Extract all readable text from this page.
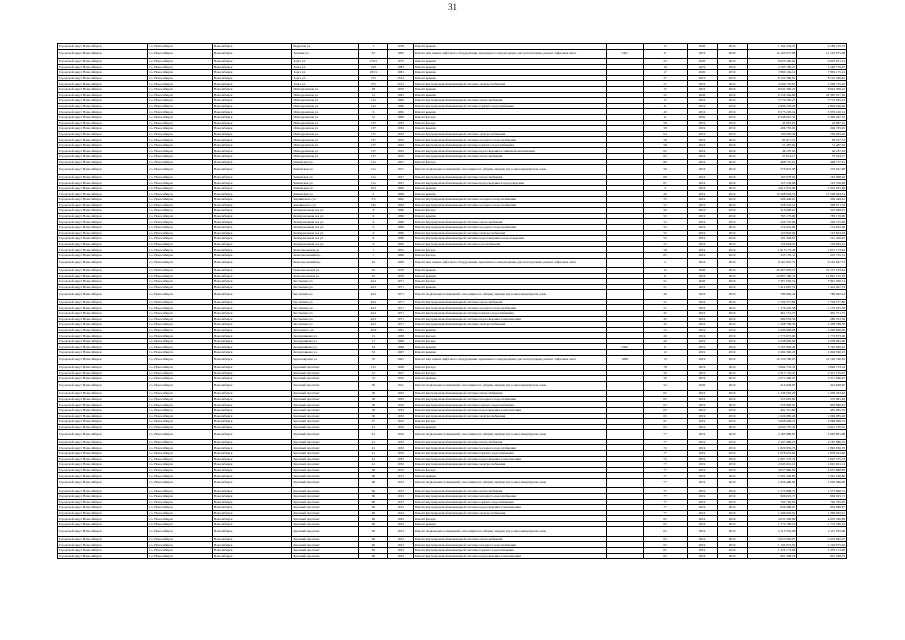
31
Городской округ Новосибирск	г.о. Новосибирск	Новосибирск	Бердская ул.	1	1978	Ремонт крыши		15	2020	2019	1 192 254,35	4 186 219,53
Городской округ Новосибирск	г.о. Новосибирск	Новосибирск	Зелёная ул.	3/1	1965	Ремонт или замена лифтового оборудования, признанного непригодным для эксплуатации, ремонт лифтовых шахт	1391	8	2019	2020	12 103 075,98	12 103 075,98
Городской округ Новосибирск	г.о. Новосибирск	Новосибирск	Зорге ул.	179/1	1975	Ремонт крыши		23	2020	2019	8 925 200,62	9 925 051,14
Городской округ Новосибирск	г.о. Новосибирск	Новосибирск	Зорге ул.	195	1983	Ремонт крыши		16	2019	2019	2 195 700,27	5 196 779,67
Городской округ Новосибирск	г.о. Новосибирск	Новосибирск	Зорге ул.	183/1	1981	Ремонт крыши		17	2020	2019	7 860 164,14	7 865 175,14
Городской округ Новосибирск	г.о. Новосибирск	Новосибирск	Зорге ул.	275	2014	Ремонт крыши		27	2019	2019	8 122 306,81	8 122 306,81
Городской округ Новосибирск	г.о. Новосибирск	Новосибирск	Зорге ул.	275	2014	Ремонт внутридомовой инженерной системы электроснабжения		27	2019	2019	4 506 735,63	4 506 735,63
Городской округ Новосибирск	г.о. Новосибирск	Новосибирск	Ипподромская ул.	28	1970	Ремонт крыши		15	2019	2019	8 942 309,22	8 942 309,22
Городской округ Новосибирск	г.о. Новосибирск	Новосибирск	Ипподромская ул.	31	1981	Ремонт крыши		22	2020	2019	8 156 364,80	24 385 917,50
Городской округ Новосибирск	г.о. Новосибирск	Новосибирск	Ипподромская ул.	13а	1996	Ремонт внутридомовой инженерной системы теплоснабжения		15	2019	2019	3 774 565,23	3 774 565,23
Городской округ Новосибирск	г.о. Новосибирск	Новосибирск	Ипподромская ул.	14а	1966	Ремонт внутридомовой инженерной системы горячего водоснабжения		11	2019	2019	2 804 504,20	2 804 166,20
Городской округ Новосибирск	г.о. Новосибирск	Новосибирск	Ипподромская ул.	6	1965	Ремонт крыши		45	2019	2019	8 375 220,14	3 376 210,14
Городской округ Новосибирск	г.о. Новосибирск	Новосибирск	Ипподромская ул.	15	1966	Ремонт фасада		11	2020	2019	6 548 967,52	5 369 267,52
Городской округ Новосибирск	г.о. Новосибирск	Новосибирск	Ипподромская ул.	137	1932	Ремонт фасада		58	2019	2019	42 687,91	42 687,91
Городской округ Новосибирск	г.о. Новосибирск	Новосибирск	Ипподромская ул.	137	1932	Ремонт крыши		58	2019	2019	206 795,05	206 795,05
Городской округ Новосибирск	г.о. Новосибирск	Новосибирск	Ипподромская ул.	137	1932	Ремонт внутридомовой инженерной системы электроснабжения		64	2019	2019	100 003,49	100 003,49
Городской округ Новосибирск	г.о. Новосибирск	Новосибирск	Ипподромская ул.	137	1932	Ремонт внутридомовой инженерной системы холодного водоснабжения		58	2019	2019	83 417,31	83 417,31
Городской округ Новосибирск	г.о. Новосибирск	Новосибирск	Ипподромская ул.	137	1932	Ремонт внутридомовой инженерной системы горячего водоснабжения		58	2019	2019	51 487,62	51 487,62
Городской округ Новосибирск	г.о. Новосибирск	Новосибирск	Ипподромская ул.	137	1932	Ремонт внутридомовой инженерной системы водоотведения и ливневой канализации		65	2019	2019	46 187,63	46 187,63
Городской округ Новосибирск	г.о. Новосибирск	Новосибирск	Ипподромская ул.	137	1932	Ремонт внутридомовой инженерной системы теплоснабжения		62	2019	2019	37 914,17	37 914,17
Городской округ Новосибирск	г.о. Новосибирск	Новосибирск	Каменская ул.	15а	1927	Ремонт фасада		89	2019	2019	468 737,61	468 737,61
Городской округ Новосибирск	г.о. Новосибирск	Новосибирск	Каменская ул.	15а	1927	Ремонт подвальных помещений, относящихся к общему имуществу в многоквартирном доме		56	2019	2019	276 647,68	276 647,68
Городской округ Новосибирск	г.о. Новосибирск	Новосибирск	Каменская ул.	15а	1927	Ремонт внутридомовой инженерной системы теплоснабжения		69	2019	2019	163 078,02	163 098,02
Городской округ Новосибирск	г.о. Новосибирск	Новосибирск	Каменская ул.	15а	1927	Ремонт внутридомовой инженерной системы водоотведения и водоотведения		67	2019	2019	125 556,98	125 556,98
Городской округ Новосибирск	г.о. Новосибирск	Новосибирск	Каменская ул.	19/1	1960	Ремонт крыши		3	2019	2019	4 912 055,66	4 502 055,66
Городской округ Новосибирск	г.о. Новосибирск	Новосибирск	Каменская ул.	2	1966	Ремонт крыши		26	2019	2019	13 598 064,52	13 598 064,52
Городской округ Новосибирск	г.о. Новосибирск	Новосибирск	Карпинского ул.	5/5	1962	Ремонт внутридомовой инженерной системы холодного водоснабжения		55	2019	2019	209 449,61	209 449,61
Городской округ Новосибирск	г.о. Новосибирск	Новосибирск	Карпинского ул.	18а	1964	Ремонт внутридомовой инженерной системы холодного водоснабжения		55	2019	2019	328 332,10	398 671,32
Городской округ Новосибирск	г.о. Новосибирск	Новосибирск	Коммунальная 4-я ул.	9	1960	Ремонт фасада		56	2019	2019	316 908,01	316 908,01
Городской округ Новосибирск	г.о. Новосибирск	Новосибирск	Коммунальная 4-я ул.	9	1960	Ремонт крыши		55	2019	2019	785 170,00	785 170,00
Городской округ Новосибирск	г.о. Новосибирск	Новосибирск	Коммунальная 4-я ул.	9	1960	Ремонт внутридомовой инженерной системы теплоснабжения		55	2019	2019	229 725,90	229 725,90
Городской округ Новосибирск	г.о. Новосибирск	Новосибирск	Коммунальная 4-я ул.	9	1960	Ремонт внутридомовой инженерной системы холодного водоснабжения		55	2019	2019	174 852,00	174 852,00
Городской округ Новосибирск	г.о. Новосибирск	Новосибирск	Коммунальная 4-я ул.	9	1960	Ремонт внутридомовой инженерной системы электроснабжения		55	2019	2019	123 843,04	123 843,04
Городской округ Новосибирск	г.о. Новосибирск	Новосибирск	Коммунальная 4-я ул.	9	1960	Ремонт внутридомовой инженерной системы водоотведения и водоотведения		55	2019	2019	101 326,67	101 326,67
Городской округ Новосибирск	г.о. Новосибирск	Новосибирск	Коммунальная 4-я ул.	9	1960	Ремонт внутридомовой инженерной системы газоснабжения		55	2019	2019	129 664,22	129 664,22
Городской округ Новосибирск	г.о. Новосибирск	Новосибирск	Комсомольская ул.	7	1955	Ремонт фасада		58	2019	2019	1 915 173,49	1 915 173,49
Городской округ Новосибирск	г.о. Новосибирск	Новосибирск	Комсомольский пр.	7	1966	Ремонт фасада		65	2019	2019	235 735,31	235 735,31
Городской округ Новосибирск	г.о. Новосибирск	Новосибирск	Комсомольский пр.	24	1969	Ремонт или замена лифтового оборудования, признанного непригодным для эксплуатации, ремонт лифтовых шахт		2	2019	2019	9 161 947,72	9 161 947,72
Городской округ Новосибирск	г.о. Новосибирск	Новосибирск	Комсомольская ул.	25	1970	Ремонт крыши		12	2020	2019	20 497 093,10	21 557 163,94
Городской округ Новосибирск	г.о. Новосибирск	Новосибирск	Комсомольская ул.	25	1970	Ремонт крыши		8	2019	2019	14 897 160,74	14 861 155,70
Городской округ Новосибирск	г.о. Новосибирск	Новосибирск	Костычева ул.	44/1	1971	Ремонт фасада		51	2020	2019	7 301 050,51	7 901 030,51
Городской округ Новосибирск	г.о. Новосибирск	Новосибирск	Костычева ул.	44/1	1971	Ремонт крыши		51	2019	2019	7 414 097,74	7 414 097,74
Городской округ Новосибирск	г.о. Новосибирск	Новосибирск	Костычева ул.	44/1	1971	Ремонт подвальных помещений, относящихся к общему имуществу в многоквартирном доме		40	2019	2019	780 962,24	780 962,24
Городской округ Новосибирск	г.о. Новосибирск	Новосибирск	Костычева ул.	44/1	1971	Ремонт внутридомовой инженерной системы теплоснабжения		51	2019	2019	1 704 577,80	1 704 577,80
Городской округ Новосибирск	г.о. Новосибирск	Новосибирск	Костычева ул.	44/1	1971	Ремонт внутридомовой инженерной системы холодного водоснабжения		51	2019	2019	1 179 225,58	1 179 225,58
Городской округ Новосибирск	г.о. Новосибирск	Новосибирск	Костычева ул.	44/1	1971	Ремонт внутридомовой инженерной системы горячего водоснабжения		45	2019	2019	461 751,75	461 751,75
Городской округ Новосибирск	г.о. Новосибирск	Новосибирск	Костычева ул.	44/1	1971	Ремонт внутридомовой инженерной системы водоотведения и канализации		45	2019	2019	289 553,56	289 553,56
Городской округ Новосибирск	г.о. Новосибирск	Новосибирск	Костычева ул.	44/1	1971	Ремонт внутридомовой инженерной системы электроснабжения		45	2019	2019	1 208 788,30	1 208 788,30
Городской округ Новосибирск	г.о. Новосибирск	Новосибирск	Котовского ул.	20/4	1961	Ремонт крыши		55	2019	2019	3 290 996,08	3 290 996,08
Городской округ Новосибирск	г.о. Новосибирск	Новосибирск	Кошурникова ул.	15	1968	Ремонт фасада		26	2019	2019	1 773 973,00	1 773 973,00
Городской округ Новосибирск	г.о. Новосибирск	Новосибирск	Кошурникова ул.	17	1968	Ремонт фасада		26	2019	2019	3 238 962,00	3 238 962,00
Городской округ Новосибирск	г.о. Новосибирск	Новосибирск	Кошурникова ул.	54	1968	Ремонт крыши	2582	8	2019	2019	5 765 826,42	5 765 826,42
Городской округ Новосибирск	г.о. Новосибирск	Новосибирск	Кошурникова ул.	53	1967	Ремонт крыши		12	2019	2019	2 494 560,23	2 494 560,23
Городской округ Новосибирск	г.о. Новосибирск	Новосибирск	Красноярская ул.	35	1961	Ремонт или замена лифтового оборудования, признанного непригодным для эксплуатации, ремонт лифтовых шахт	1008	13	2019	2019	10 120 790,65	10 120 790,65
Городской округ Новосибирск	г.о. Новосибирск	Новосибирск	Красный проспект	125	1948	Ремонт фасада		78	2019	2019	3 864 733,32	3 864 733,32
Городской округ Новосибирск	г.о. Новосибирск	Новосибирск	Красный проспект	31	1927	Ремонт фасада		56	2019	2019	2 317 135,47	2 317 135,47
Городской округ Новосибирск	г.о. Новосибирск	Новосибирск	Красный проспект	31	1935	Ремонт крыши		56	2019	2019	2 271 466,07	2 271 466,07
Городской округ Новосибирск	г.о. Новосибирск	Новосибирск	Красный проспект	36	1911	Ремонт подвальных помещений, относящихся к общему имуществу в многоквартирном доме		52	2020	2019	414 628,65	414 628,65
Городской округ Новосибирск	г.о. Новосибирск	Новосибирск	Красный проспект	36	1932	Ремонт внутридомовой инженерной системы теплоснабжения		65	2019	2019	1 239 505,20	1 239 343,62
Городской округ Новосибирск	г.о. Новосибирск	Новосибирск	Красный проспект	36	1932	Ремонт внутридомовой инженерной системы холодного водоснабжения		65	2019	2019	555 081,82	555 081,82
Городской округ Новосибирск	г.о. Новосибирск	Новосибирск	Красный проспект	36	1932	Ремонт внутридомовой инженерной системы горячего водоснабжения		65	2019	2019	556 896,81	856 896,81
Городской округ Новосибирск	г.о. Новосибирск	Новосибирск	Красный проспект	36	1932	Ремонт внутридомовой инженерной системы водоотведения и канализации		65	2019	2019	481 315,80	481 085,55
Городской округ Новосибирск	г.о. Новосибирск	Новосибирск	Красный проспект	36	1932	Ремонт внутридомовой инженерной системы электроснабжения		65	2019	2019	1 024 085,26	1 049 085,26
Городской округ Новосибирск	г.о. Новосибирск	Новосибирск	Красный проспект	37	1910	Ремонт фасада		97	2019	2019	3 068 008,72	3 068 008,72
Городской округ Новосибирск	г.о. Новосибирск	Новосибирск	Красный проспект	41	1932	Ремонт крыши		65	2019	2019	4 633 770,32	4 621 570,32
Городской округ Новосибирск	г.о. Новосибирск	Новосибирск	Красный проспект	41	1932	Ремонт подвальных помещений, относящихся к общему имуществу в многоквартирном доме		77	2019	2019	2 163 886,87	2 065 861,08
Городской округ Новосибирск	г.о. Новосибирск	Новосибирск	Красный проспект	41	1932	Ремонт внутридомовой инженерной системы теплоснабжения		77	2019	2019	2 187 986,10	2 187 986,10
Городской округ Новосибирск	г.о. Новосибирск	Новосибирск	Красный проспект	41	1932	Ремонт внутридомовой инженерной системы холодного водоснабжения		72	2019	2019	1 820 956,76	1 820 956,76
Городской округ Новосибирск	г.о. Новосибирск	Новосибирск	Красный проспект	41	1932	Ремонт внутридомовой инженерной системы горячего водоснабжения		77	2019	2019	1 878 023,62	1 878 023,62
Городской округ Новосибирск	г.о. Новосибирск	Новосибирск	Красный проспект	41	1932	Ремонт внутридомовой инженерной системы водоотведения и канализации		72	2019	2019	1 097 575,74	1 097 575,74
Городской округ Новосибирск	г.о. Новосибирск	Новосибирск	Красный проспект	41	1932	Ремонт внутридомовой инженерной системы электроснабжения		77	2019	2019	2 645 001,14	2 645 001,14
Городской округ Новосибирск	г.о. Новосибирск	Новосибирск	Красный проспект	66	1913	Ремонт фасада		77	2019	2019	4 057 960,85	4 057 960,85
Городской округ Новосибирск	г.о. Новосибирск	Новосибирск	Красный проспект	66	1913	Ремонт крыши		77	2019	2019	5 561 540,86	5 561 540,86
Городской округ Новосибирск	г.о. Новосибирск	Новосибирск	Красный проспект	66	1913	Ремонт подвальных помещений, относящихся к общему имуществу в многоквартирном доме		77	2019	2019	1 956 486,00	1 956 486,00
Городской округ Новосибирск	г.о. Новосибирск	Новосибирск	Красный проспект	66	1913	Ремонт внутридомовой инженерной системы теплоснабжения		77	2019	2019	1 573 896,72	1 573 896,72
Городской округ Новосибирск	г.о. Новосибирск	Новосибирск	Красный проспект	66	1913	Ремонт внутридомовой инженерной системы холодного водоснабжения		77	2019	2019	906 025,71	906 025,71
Городской округ Новосибирск	г.о. Новосибирск	Новосибирск	Красный проспект	66	1913	Ремонт внутридомовой инженерной системы горячего водоснабжения		77	2019	2019	762 795,95	762 795,95
Городской округ Новосибирск	г.о. Новосибирск	Новосибирск	Красный проспект	66	1913	Ремонт внутридомовой инженерной системы водоотведения и канализации		77	2019	2019	634 988,97	634 988,97
Городской округ Новосибирск	г.о. Новосибирск	Новосибирск	Красный проспект	66	1913	Ремонт внутридомовой инженерной системы электроснабжения		77	2019	2019	1 299 063,91	1 299 063,91
Городской округ Новосибирск	г.о. Новосибирск	Новосибирск	Красный проспект	69	1923	Ремонт фасада		65	2019	2019	4 035 500,89	4 035 500,89
Городской округ Новосибирск	г.о. Новосибирск	Новосибирск	Красный проспект	69	1923	Ремонт крыши		65	2019	2019	1 774 796,10	1 774 796,10
Городской округ Новосибирск	г.о. Новосибирск	Новосибирск	Красный проспект	69	1923	Ремонт подвальных помещений, относящихся к общему имуществу в многоквартирном доме		65	2019	2019	2 115 555,06	2 115 555,06
Городской округ Новосибирск	г.о. Новосибирск	Новосибирск	Красный проспект	69	1923	Ремонт внутридомовой инженерной системы теплоснабжения		65	2019	2019	2 053 092,07	2 053 092,07
Городской округ Новосибирск	г.о. Новосибирск	Новосибирск	Красный проспект	69	1923	Ремонт внутридомовой инженерной системы холодного водоснабжения		65	2019	2019	1 104 975,02	1 104 975,02
Городской округ Новосибирск	г.о. Новосибирск	Новосибирск	Красный проспект	69	1923	Ремонт внутридомовой инженерной системы горячего водоснабжения		65	2019	2019	1 479 173,06	1 479 173,06
Городской округ Новосибирск	г.о. Новосибирск	Новосибирск	Красный проспект	69	1923	Ремонт внутридомовой инженерной системы водоотведения и канализации		65	2019	2019	901 508,79	901 508,79
